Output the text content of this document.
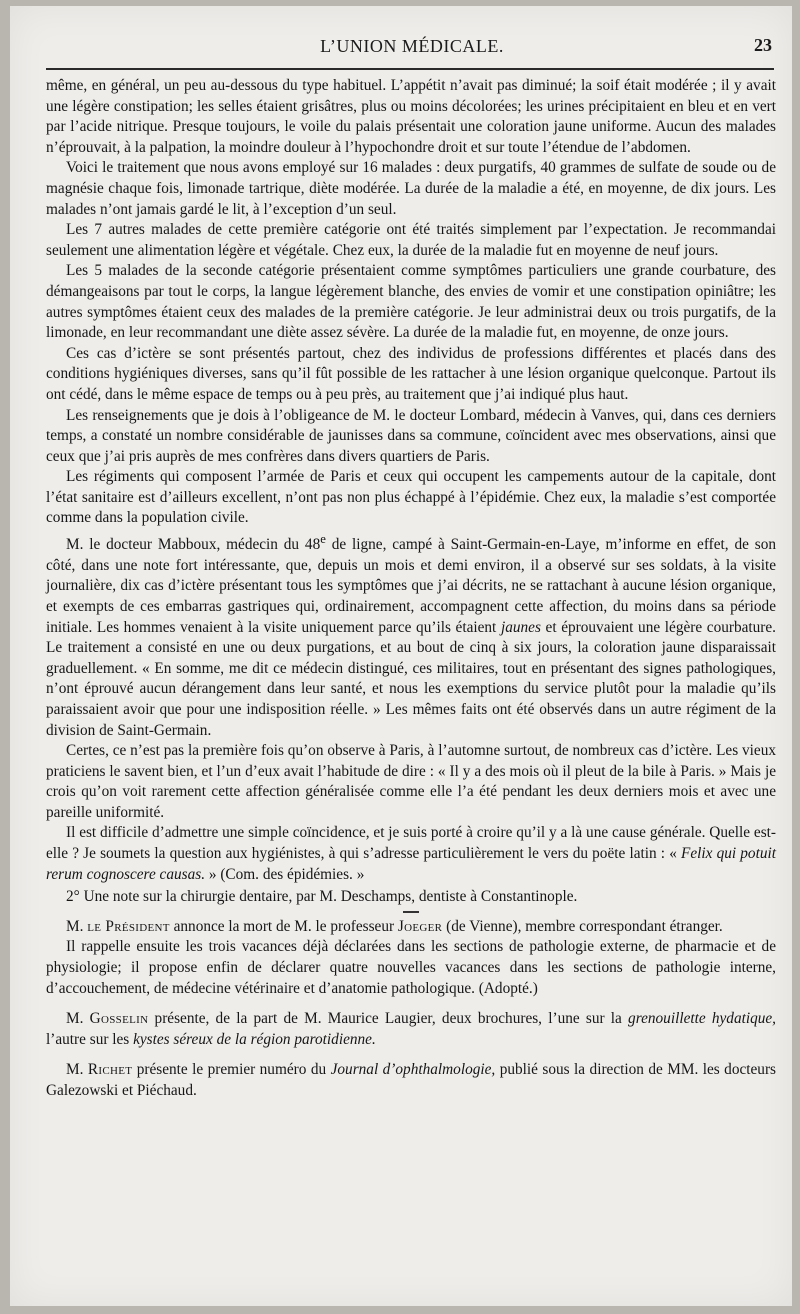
L’UNION MÉDICALE.	23

même, en général, un peu au-dessous du type habituel. L’appétit n’avait pas diminué; la soif était modérée ; il y avait une légère constipation; les selles étaient grisâtres, plus ou moins décolorées; les urines précipitaient en bleu et en vert par l’acide nitrique. Presque toujours, le voile du palais présentait une coloration jaune uniforme. Aucun des malades n’éprouvait, à la palpation, la moindre douleur à l’hypochondre droit et sur toute l’étendue de l’abdomen.

Voici le traitement que nous avons employé sur 16 malades : deux purgatifs, 40 grammes de sulfate de soude ou de magnésie chaque fois, limonade tartrique, diète modérée. La durée de la maladie a été, en moyenne, de dix jours. Les malades n’ont jamais gardé le lit, à l’exception d’un seul.

Les 7 autres malades de cette première catégorie ont été traités simplement par l’expectation. Je recommandai seulement une alimentation légère et végétale. Chez eux, la durée de la maladie fut en moyenne de neuf jours.

Les 5 malades de la seconde catégorie présentaient comme symptômes particuliers une grande courbature, des démangeaisons par tout le corps, la langue légèrement blanche, des envies de vomir et une constipation opiniâtre; les autres symptômes étaient ceux des malades de la première catégorie. Je leur administrai deux ou trois purgatifs, de la limonade, en leur recommandant une diète assez sévère. La durée de la maladie fut, en moyenne, de onze jours.

Ces cas d’ictère se sont présentés partout, chez des individus de professions différentes et placés dans des conditions hygiéniques diverses, sans qu’il fût possible de les rattacher à une lésion organique quelconque. Partout ils ont cédé, dans le même espace de temps ou à peu près, au traitement que j’ai indiqué plus haut.

Les renseignements que je dois à l’obligeance de M. le docteur Lombard, médecin à Vanves, qui, dans ces derniers temps, a constaté un nombre considérable de jaunisses dans sa commune, coïncident avec mes observations, ainsi que ceux que j’ai pris auprès de mes confrères dans divers quartiers de Paris.

Les régiments qui composent l’armée de Paris et ceux qui occupent les campements autour de la capitale, dont l’état sanitaire est d’ailleurs excellent, n’ont pas non plus échappé à l’épidémie. Chez eux, la maladie s’est comportée comme dans la population civile.

M. le docteur Mabboux, médecin du 48e de ligne, campé à Saint-Germain-en-Laye, m’informe en effet, de son côté, dans une note fort intéressante, que, depuis un mois et demi environ, il a observé sur ses soldats, à la visite journalière, dix cas d’ictère présentant tous les symptômes que j’ai décrits, ne se rattachant à aucune lésion organique, et exempts de ces embarras gastriques qui, ordinairement, accompagnent cette affection, du moins dans sa période initiale. Les hommes venaient à la visite uniquement parce qu’ils étaient jaunes et éprouvaient une légère courbature. Le traitement a consisté en une ou deux purgations, et au bout de cinq à six jours, la coloration jaune disparaissait graduellement. « En somme, me dit ce médecin distingué, ces militaires, tout en présentant des signes pathologiques, n’ont éprouvé aucun dérangement dans leur santé, et nous les exemptions du service plutôt pour la maladie qu’ils paraissaient avoir que pour une indisposition réelle. » Les mêmes faits ont été observés dans un autre régiment de la division de Saint-Germain.

Certes, ce n’est pas la première fois qu’on observe à Paris, à l’automne surtout, de nombreux cas d’ictère. Les vieux praticiens le savent bien, et l’un d’eux avait l’habitude de dire : « Il y a des mois où il pleut de la bile à Paris. » Mais je crois qu’on voit rarement cette affection généralisée comme elle l’a été pendant les deux derniers mois et avec une pareille uniformité.

Il est difficile d’admettre une simple coïncidence, et je suis porté à croire qu’il y a là une cause générale. Quelle est-elle ? Je soumets la question aux hygiénistes, à qui s’adresse particulièrement le vers du poëte latin : « Felix qui potuit rerum cognoscere causas. » (Com. des épidémies. »

2° Une note sur la chirurgie dentaire, par M. Deschamps, dentiste à Constantinople.

M. le Président annonce la mort de M. le professeur Joeger (de Vienne), membre correspondant étranger.

Il rappelle ensuite les trois vacances déjà déclarées dans les sections de pathologie externe, de pharmacie et de physiologie; il propose enfin de déclarer quatre nouvelles vacances dans les sections de pathologie interne, d’accouchement, de médecine vétérinaire et d’anatomie pathologique. (Adopté.)

M. Gosselin présente, de la part de M. Maurice Laugier, deux brochures, l’une sur la grenouillette hydatique, l’autre sur les kystes séreux de la région parotidienne.

M. Richet présente le premier numéro du Journal d’ophthalmologie, publié sous la direction de MM. les docteurs Galezowski et Piéchaud.
